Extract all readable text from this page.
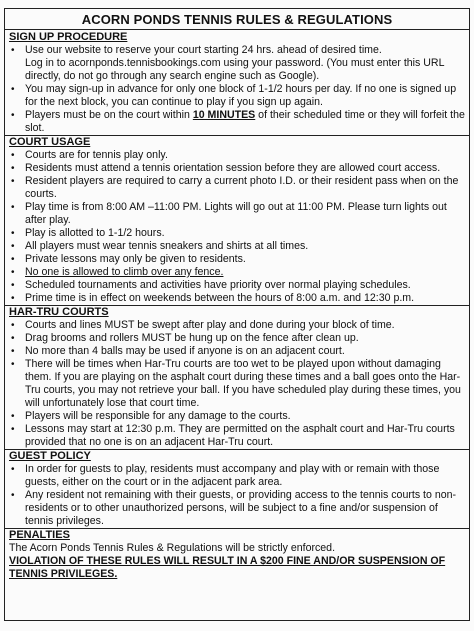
ACORN PONDS TENNIS RULES & REGULATIONS
SIGN UP PROCEDURE
• Use our website to reserve your court starting 24 hrs. ahead of desired time.
Log in to acornponds.tennisbookings.com using your password. (You must enter this URL directly, do not go through any search engine such as Google).
• You may sign-up in advance for only one block of 1-1/2 hours per day. If no one is signed up for the next block, you can continue to play if you sign up again.
• Players must be on the court within 10 MINUTES of their scheduled time or they will forfeit the slot.
COURT USAGE
• Courts are for tennis play only.
• Residents must attend a tennis orientation session before they are allowed court access.
• Resident players are required to carry a current photo I.D. or their resident pass when on the courts.
• Play time is from 8:00 AM –11:00 PM. Lights will go out at 11:00 PM. Please turn lights out after play.
• Play is allotted to 1-1/2 hours.
• All players must wear tennis sneakers and shirts at all times.
• Private lessons may only be given to residents.
• No one is allowed to climb over any fence.
• Scheduled tournaments and activities have priority over normal playing schedules.
• Prime time is in effect on weekends between the hours of 8:00 a.m. and 12:30 p.m.
HAR-TRU COURTS
• Courts and lines MUST be swept after play and done during your block of time.
• Drag brooms and rollers MUST be hung up on the fence after clean up.
• No more than 4 balls may be used if anyone is on an adjacent court.
• There will be times when Har-Tru courts are too wet to be played upon without damaging them. If you are playing on the asphalt court during these times and a ball goes onto the Har-Tru courts, you may not retrieve your ball. If you have scheduled play during these times, you will unfortunately lose that court time.
• Players will be responsible for any damage to the courts.
• Lessons may start at 12:30 p.m. They are permitted on the asphalt court and Har-Tru courts provided that no one is on an adjacent Har-Tru court.
GUEST POLICY
• In order for guests to play, residents must accompany and play with or remain with those guests, either on the court or in the adjacent park area.
• Any resident not remaining with their guests, or providing access to the tennis courts to non-residents or to other unauthorized persons, will be subject to a fine and/or suspension of tennis privileges.
PENALTIES
The Acorn Ponds Tennis Rules & Regulations will be strictly enforced.
VIOLATION OF THESE RULES WILL RESULT IN A $200 FINE AND/OR SUSPENSION OF TENNIS PRIVILEGES.
